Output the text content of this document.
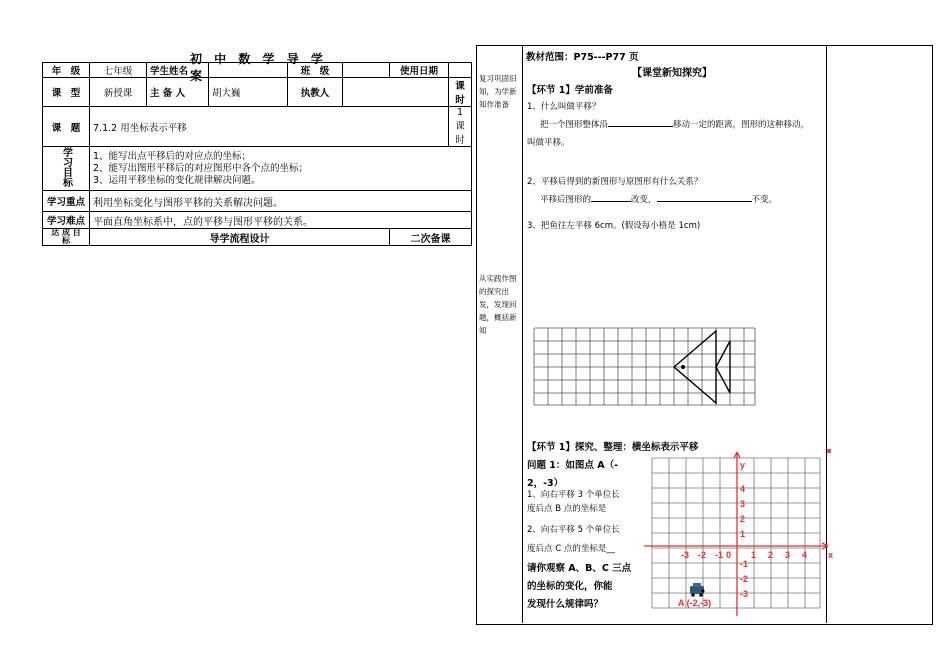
初 中 数 学 导 学 案
年　级	七年级	学生姓名		班　级		使用日期	
课　型	新授课	主 备 人	胡大巍	执教人			课时
课　题	7.1.2 用坐标表示平移						1 课时
学习目标	1、能写出点平移后的对应点的坐标；
2、能写出图形平移后的对应图形中各个点的坐标；
3、运用平移坐标的变化规律解决问题。						

学习重点	利用坐标变化与图形平移的关系解决问题。						
学习难点	平面直角坐标系中，点的平移与图形平移的关系。						
达 成 目 标	导学流程设计					二次备课	
复习巩固旧知，为学新知作准备
从实践作图的探究出发，发现问题，概括新知
教材范围：P75---P77 页
【课堂新知探究】
【环节 1】学前准备
1、什么叫做平移？
把一个图形整体沿	移动一定的距离，图形的这种移动，
叫做平移。
2、平移后得到的新图形与原图形有什么关系？
平移后图形的	改变，	不变。
3、把鱼往左平移 6cm。(假设每小格是 1cm)
【环节 1】探究、整理：横坐标表示平移
问题 1：如图点 A（-
2，-3）
1、向右平移 3 个单位长
度后点 B 点的坐标是
2、向右平移 5 个单位长
度后点 C 点的坐标是__
请你观察 A、B、C 三点
的坐标的变化，你能
发现什么规律吗？
x
y
-3 -2 -1 0 1 2 3 4
4
3
2
1
-1
-2
-3
A (-2,-3)
